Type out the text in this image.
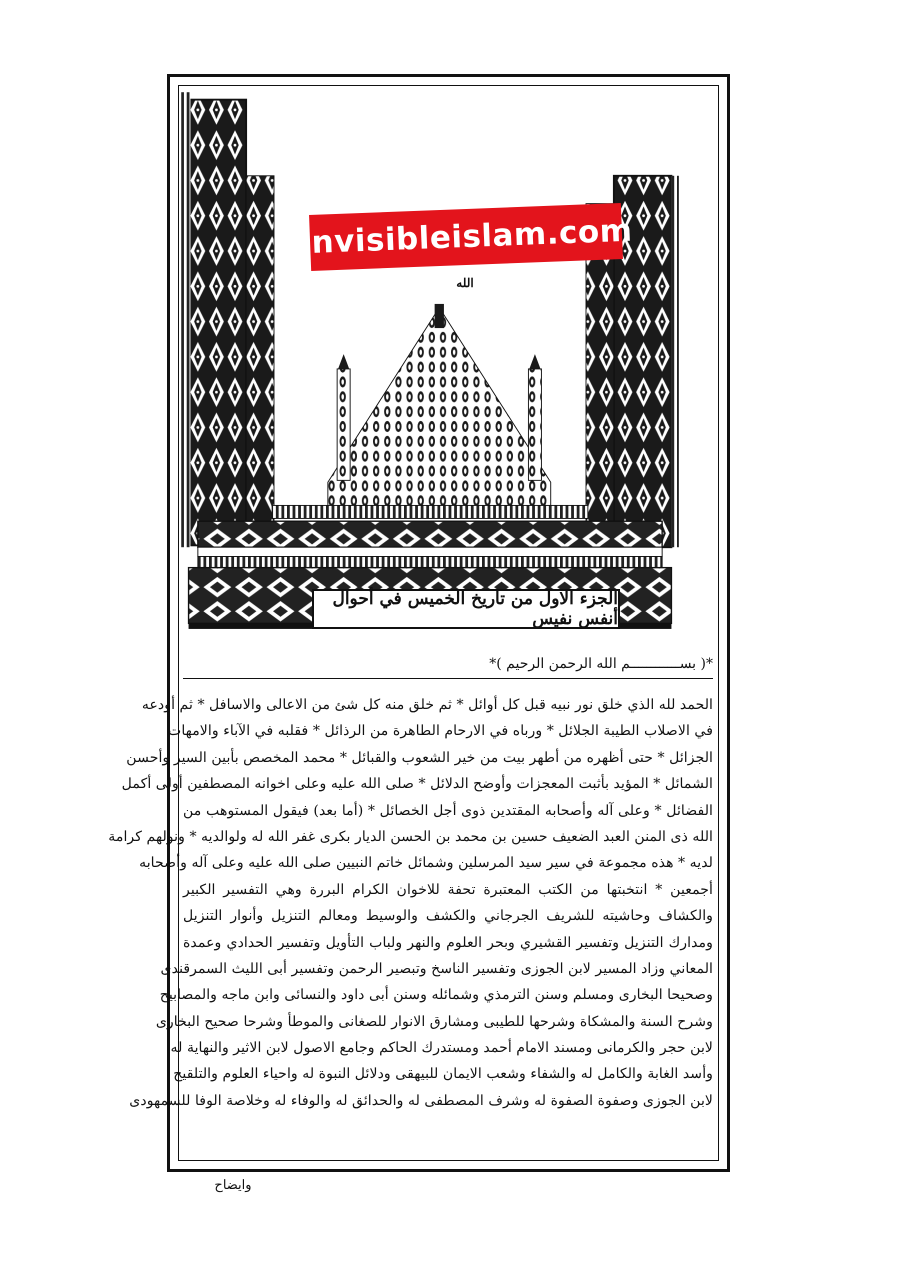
الله
Invisibleislam.com
الجزء الاول من تاريخ الخميس في أحوال أنفس نفيس
*( بســــــــــــم الله الرحمن الرحيم )*
الحمد لله الذي خلق نور نبيه قبل كل أوائل * ثم خلق منه كل شئ من الاعالى والاسافل * ثم أودعه
في الاصلاب الطيبة الجلائل * ورباه في الارحام الطاهرة من الرذائل * فقلبه في الآباء والامهات
الجزائل * حتى أظهره من أطهر بيت من خير الشعوب والقبائل * محمد المخصص بأبين السير وأحسن
الشمائل * المؤيد بأثبت المعجزات وأوضح الدلائل * صلى الله عليه وعلى اخوانه المصطفين أولى أكمل
الفضائل * وعلى آله وأصحابه المقتدين ذوى أجل الخصائل * (أما بعد) فيقول المستوهب من
الله ذى المنن العبد الضعيف حسين بن محمد بن الحسن الديار بكرى غفر الله له ولوالديه * ونولهم كرامة
لديه * هذه مجموعة في سير سيد المرسلين وشمائل خاتم النبيين صلى الله عليه وعلى آله وأصحابه
أجمعين * انتخبتها من الكتب المعتبرة تحفة للاخوان الكرام البررة وهي التفسير الكبير
والكشاف وحاشيته للشريف الجرجاني والكشف والوسيط ومعالم التنزيل وأنوار التنزيل
ومدارك التنزيل وتفسير القشيري وبحر العلوم والنهر ولباب التأويل وتفسير الحدادي وعمدة
المعاني وزاد المسير لابن الجوزى وتفسير الناسخ وتبصير الرحمن وتفسير أبى الليث السمرقندى
وصحيحا البخارى ومسلم وسنن الترمذي وشمائله وسنن أبى داود والنسائى وابن ماجه والمصابيح
وشرح السنة والمشكاة وشرحها للطيبى ومشارق الانوار للصغانى والموطأ وشرحا صحيح البخارى
لابن حجر والكرمانى ومسند الامام أحمد ومستدرك الحاكم وجامع الاصول لابن الاثير والنهاية له
وأسد الغابة والكامل له والشفاء وشعب الايمان للبيهقى ودلائل النبوة له واحياء العلوم والتلقيح
لابن الجوزى وصفوة الصفوة له وشرف المصطفى له والحدائق له والوفاء له وخلاصة الوفا للسمهودى
وايضاح
